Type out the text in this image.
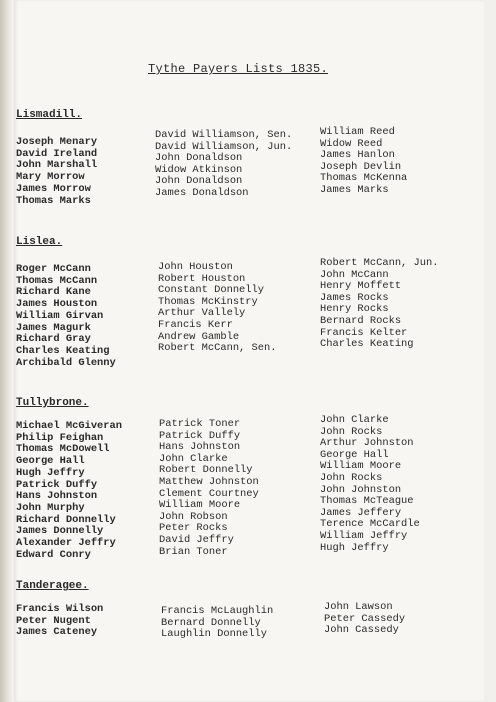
Tythe Payers Lists 1835.
Lismadill.
Joseph Menary
David Ireland
John Marshall
Mary Morrow
James Morrow
Thomas Marks
David Williamson, Sen.
David Williamson, Jun.
John Donaldson
Widow Atkinson
John Donaldson
James Donaldson
William Reed
Widow Reed
James Hanlon
Joseph Devlin
Thomas McKenna
James Marks
Lislea.
Roger McCann
Thomas McCann
Richard Kane
James Houston
William Girvan
James Magurk
Richard Gray
Charles Keating
Archibald Glenny
John Houston
Robert Houston
Constant Donnelly
Thomas McKinstry
Arthur Vallely
Francis Kerr
Andrew Gamble
Robert McCann, Sen.
Robert McCann, Jun.
John McCann
Henry Moffett
James Rocks
Henry Rocks
Bernard Rocks
Francis Kelter
Charles Keating
Tullybrone.
Michael McGiveran
Philip Feighan
Thomas McDowell
George Hall
Hugh Jeffry
Patrick Duffy
Hans Johnston
John Murphy
Richard Donnelly
James Donnelly
Alexander Jeffry
Edward Conry
Patrick Toner
Patrick Duffy
Hans Johnston
John Clarke
Robert Donnelly
Matthew Johnston
Clement Courtney
William Moore
John Robson
Peter Rocks
David Jeffry
Brian Toner
John Clarke
John Rocks
Arthur Johnston
George Hall
William Moore
John Rocks
John Johnston
Thomas McTeague
James Jeffery
Terence McCardle
William Jeffry
Hugh Jeffry
Tanderagee.
Francis Wilson
Peter Nugent
James Cateney
Francis McLaughlin
Bernard Donnelly
Laughlin Donnelly
John Lawson
Peter Cassedy
John Cassedy
